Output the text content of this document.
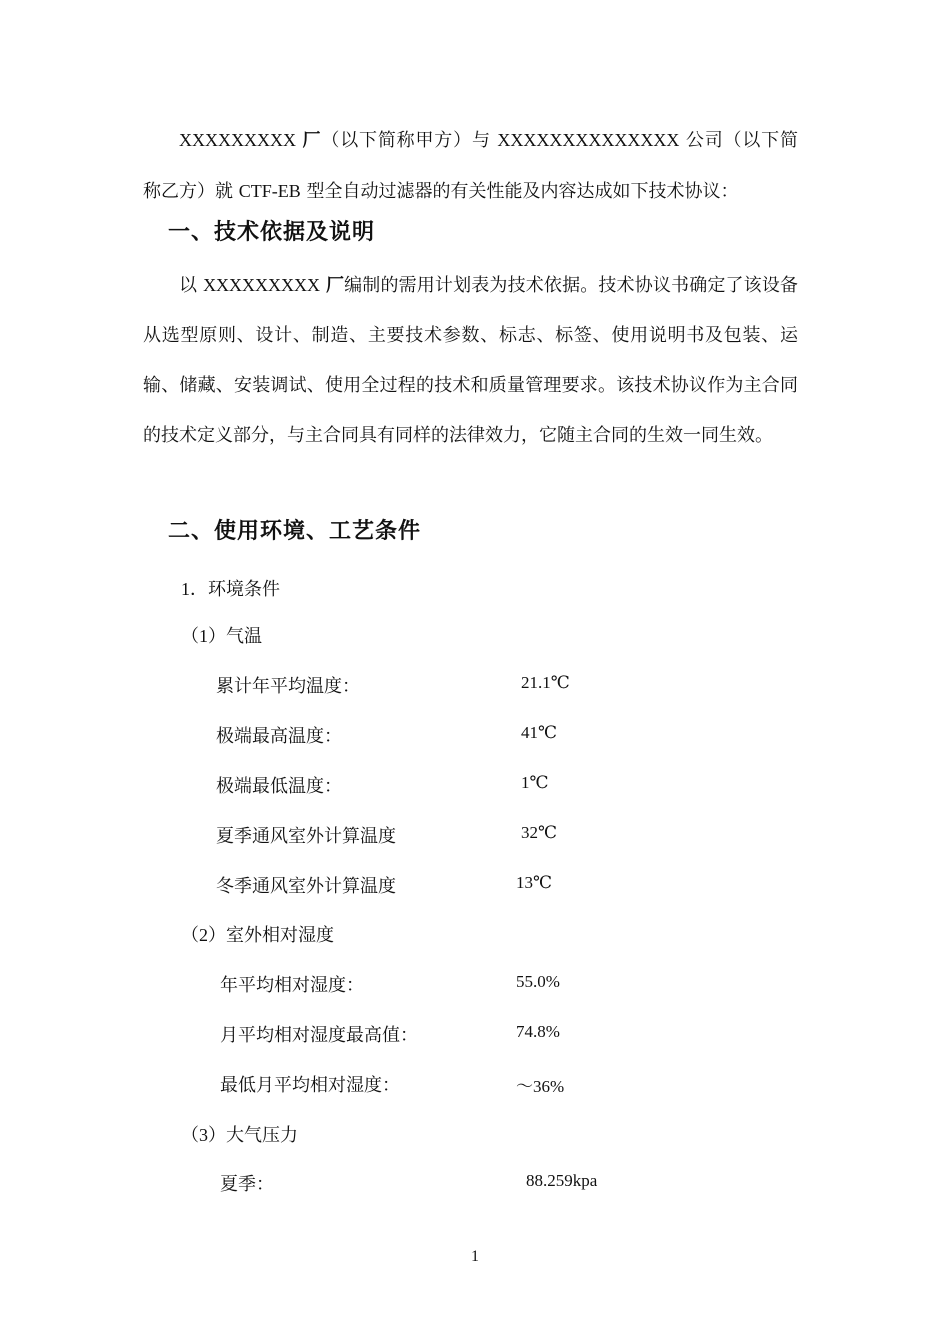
XXXXXXXXX 厂（以下简称甲方）与 XXXXXXXXXXXXXX 公司（以下简称乙方）就 CTF-EB 型全自动过滤器的有关性能及内容达成如下技术协议：

一、技术依据及说明

以 XXXXXXXXX 厂编制的需用计划表为技术依据。技术协议书确定了该设备从选型原则、设计、制造、主要技术参数、标志、标签、使用说明书及包装、运输、储藏、安装调试、使用全过程的技术和质量管理要求。该技术协议作为主合同的技术定义部分，与主合同具有同样的法律效力，它随主合同的生效一同生效。

二、使用环境、工艺条件
1．环境条件
（1）气温
累计年平均温度：	21.1℃
极端最高温度：	41℃
极端最低温度：	1℃
夏季通风室外计算温度	32℃
冬季通风室外计算温度	13℃
（2）室外相对湿度
年平均相对湿度：	55.0%
月平均相对湿度最高值：	74.8%
最低月平均相对湿度：	～36%
（3）大气压力
夏季：	88.259kpa
1
